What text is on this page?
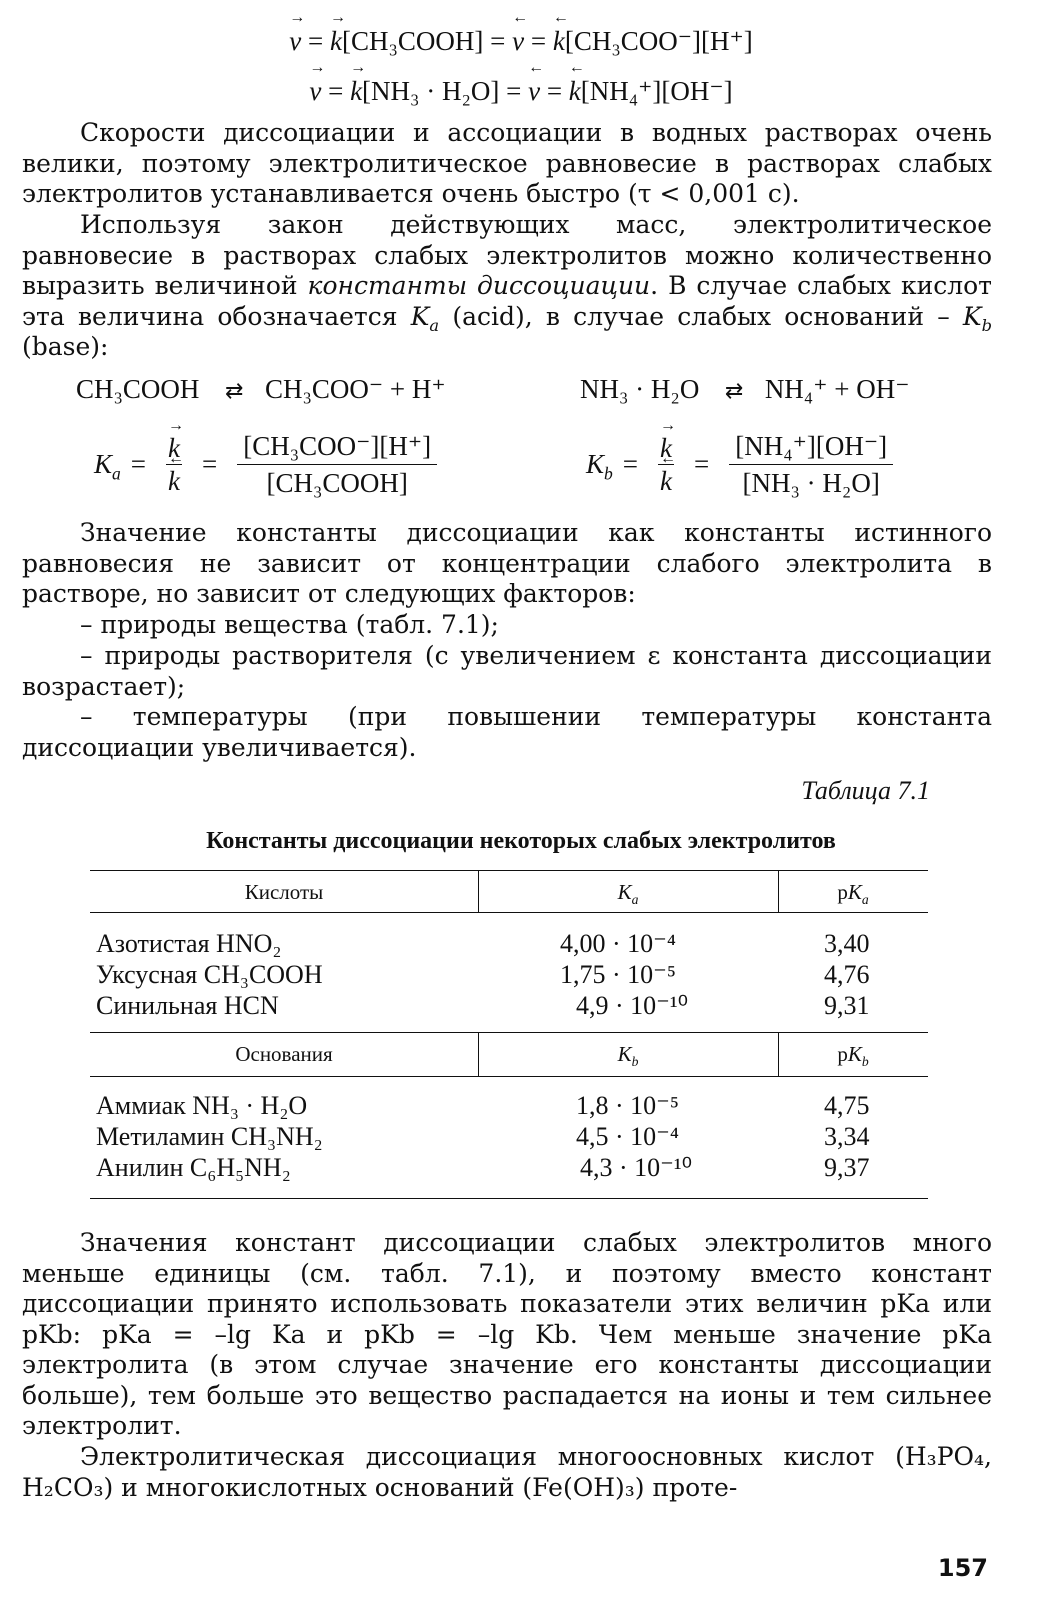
→ v = → k[CH₃COOH] = ← v = ← k[CH₃COO⁻][H⁺]
→ v = → k[NH₃ · H₂O] = ← v = ← k[NH₄⁺][OH⁻]

Скорости диссоциации и ассоциации в водных растворах очень велики, поэтому электролитическое равновесие в растворах слабых электролитов устанавливается очень быстро (τ < 0,001 с).

Используя закон действующих масс, электролитическое равновесие в растворах слабых электролитов можно количественно выразить величиной константы диссоциации. В случае слабых кислот эта величина обозначается $K_a$ (acid), в случае слабых оснований – $K_b$ (base):

CH₃COOH ⇄ CH₃COO⁻ + H⁺	NH₃ · H₂O ⇄ NH₄⁺ + OH⁻
$K_a$ = → k
← $k = \frac{\text{[CH₃COO⁻][H⁺]}}{\text{[CH₃COOH]}}$	$K_b$ = → k
← $k = \frac{\text{[NH₄⁺][OH⁻]}}{\text{[NH₃ · H₂O]}}$

Значение константы диссоциации как константы истинного равновесия не зависит от концентрации слабого электролита в растворе, но зависит от следующих факторов:

– природы вещества (табл. 7.1);

– природы растворителя (с увеличением ε константа диссоциации возрастает);

– температуры (при повышении температуры константа диссоциации увеличивается).

Таблица 7.1
Константы диссоциации некоторых слабых электролитов
Кислоты	$K_a$	$pK_a$
Азотистая HNO₂	4,00 · 10⁻⁴	3,40
Уксусная CH₃COOH	1,75 · 10⁻⁵	4,76
Синильная HCN	4,9 · 10⁻¹⁰	9,31
Основания	$K_b$	$pK_b$
Аммиак NH₃ · H₂O	1,8 · 10⁻⁵	4,75
Метиламин CH₃NH₂	4,5 · 10⁻⁴	3,34
Анилин C₆H₅NH₂	4,3 · 10⁻¹⁰	9,37

Значения констант диссоциации слабых электролитов много меньше единицы (см. табл. 7.1), и поэтому вместо констант диссоциации принято использовать показатели этих величин pKa или pKb: pKa = –lg Ka и pKb = –lg Kb. Чем меньше значение pKa электролита (в этом случае значение его константы диссоциации больше), тем больше это вещество распадается на ионы и тем сильнее электролит.

Электролитическая диссоциация многоосновных кислот (H₃PO₄, H₂CO₃) и многокислотных оснований (Fe(OH)₃) проте-

157
